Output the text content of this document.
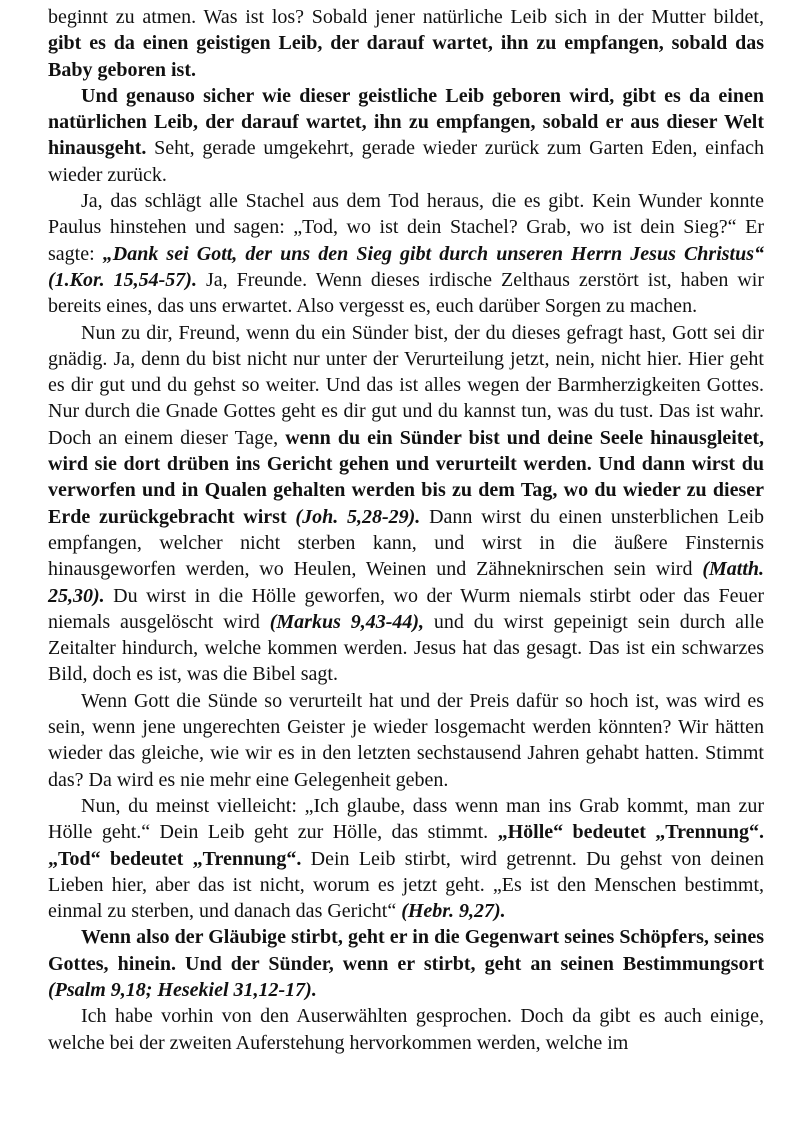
beginnt zu atmen. Was ist los? Sobald jener natürliche Leib sich in der Mutter bildet, gibt es da einen geistigen Leib, der darauf wartet, ihn zu empfangen, sobald das Baby geboren ist.

Und genauso sicher wie dieser geistliche Leib geboren wird, gibt es da einen natürlichen Leib, der darauf wartet, ihn zu empfangen, sobald er aus dieser Welt hinausgeht. Seht, gerade umgekehrt, gerade wieder zurück zum Garten Eden, einfach wieder zurück.

Ja, das schlägt alle Stachel aus dem Tod heraus, die es gibt. Kein Wunder konnte Paulus hinstehen und sagen: „Tod, wo ist dein Stachel? Grab, wo ist dein Sieg?“ Er sagte: „Dank sei Gott, der uns den Sieg gibt durch unseren Herrn Jesus Christus“ (1.Kor. 15,54-57). Ja, Freunde. Wenn dieses irdische Zelthaus zerstört ist, haben wir bereits eines, das uns erwartet. Also vergesst es, euch darüber Sorgen zu machen.

Nun zu dir, Freund, wenn du ein Sünder bist, der du dieses gefragt hast, Gott sei dir gnädig. Ja, denn du bist nicht nur unter der Verurteilung jetzt, nein, nicht hier. Hier geht es dir gut und du gehst so weiter. Und das ist alles wegen der Barmherzigkeiten Gottes. Nur durch die Gnade Gottes geht es dir gut und du kannst tun, was du tust. Das ist wahr. Doch an einem dieser Tage, wenn du ein Sünder bist und deine Seele hinausgleitet, wird sie dort drüben ins Gericht gehen und verurteilt werden. Und dann wirst du verworfen und in Qualen gehalten werden bis zu dem Tag, wo du wieder zu dieser Erde zurückgebracht wirst (Joh. 5,28-29). Dann wirst du einen unsterblichen Leib empfangen, welcher nicht sterben kann, und wirst in die äußere Finsternis hinausgeworfen werden, wo Heulen, Weinen und Zähneknirschen sein wird (Matth. 25,30). Du wirst in die Hölle geworfen, wo der Wurm niemals stirbt oder das Feuer niemals ausgelöscht wird (Markus 9,43-44), und du wirst gepeinigt sein durch alle Zeitalter hindurch, welche kommen werden. Jesus hat das gesagt. Das ist ein schwarzes Bild, doch es ist, was die Bibel sagt.

Wenn Gott die Sünde so verurteilt hat und der Preis dafür so hoch ist, was wird es sein, wenn jene ungerechten Geister je wieder losgemacht werden könnten? Wir hätten wieder das gleiche, wie wir es in den letzten sechstausend Jahren gehabt hatten. Stimmt das? Da wird es nie mehr eine Gelegenheit geben.

Nun, du meinst vielleicht: „Ich glaube, dass wenn man ins Grab kommt, man zur Hölle geht.“ Dein Leib geht zur Hölle, das stimmt. „Hölle“ bedeutet „Trennung“. „Tod“ bedeutet „Trennung“. Dein Leib stirbt, wird getrennt. Du gehst von deinen Lieben hier, aber das ist nicht, worum es jetzt geht. „Es ist den Menschen bestimmt, einmal zu sterben, und danach das Gericht“ (Hebr. 9,27).

Wenn also der Gläubige stirbt, geht er in die Gegenwart seines Schöpfers, seines Gottes, hinein. Und der Sünder, wenn er stirbt, geht an seinen Bestimmungsort (Psalm 9,18; Hesekiel 31,12-17).

Ich habe vorhin von den Auserwählten gesprochen. Doch da gibt es auch einige, welche bei der zweiten Auferstehung hervorkommen werden, welche im
